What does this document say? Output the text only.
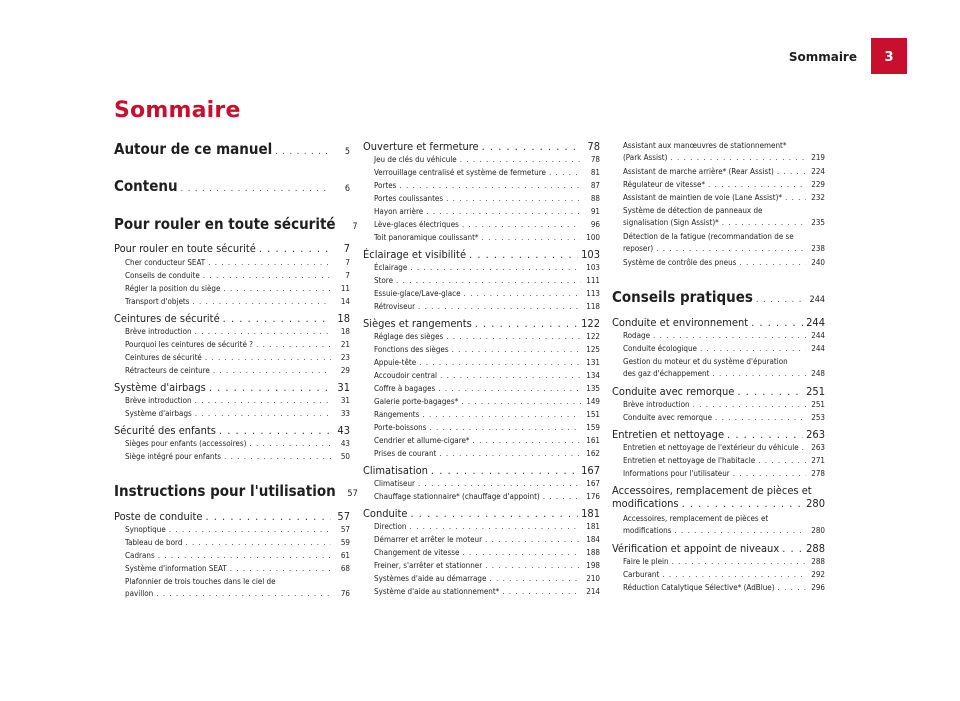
Sommaire	3
Sommaire
Autour de ce manuel . . .	5
Contenu . . .	6
Pour rouler en toute sécurité	7
Pour rouler en toute sécurité . . .	7
Cher conducteur SEAT . . .	7
Conseils de conduite . . .	7
Régler la position du siège . . .	11
Transport d'objets . . .	14
Ceintures de sécurité . . .	18
Brève introduction . . .	18
Pourquoi les ceintures de sécurité ? . . .	21
Ceintures de sécurité . . .	23
Rétracteurs de ceinture . . .	29
Système d'airbags . . .	31
Brève introduction . . .	31
Système d'airbags . . .	33
Sécurité des enfants . . .	43
Sièges pour enfants (accessoires) . . .	43
Siège intégré pour enfants . . .	50
Instructions pour l'utilisation	57
Poste de conduite . . .	57
Synoptique . . .	57
Tableau de bord . . .	59
Cadrans . . .	61
Système d'information SEAT . . .	68
Plafonnier de trois touches dans le ciel de
pavillon . . .	76
Ouverture et fermeture . . .	78
Jeu de clés du véhicule . . .	78
Verrouillage centralisé et système de fermeture . . .	81
Portes . . .	87
Portes coulissantes . . .	88
Hayon arrière . . .	91
Lève-glaces électriques . . .	96
Toit panoramique coulissant* . . .	100
Éclairage et visibilité . . .	103
Éclairage . . .	103
Store . . .	111
Essuie-glace/Lave-glace . . .	113
Rétroviseur . . .	118
Sièges et rangements . . .	122
Réglage des sièges . . .	122
Fonctions des sièges . . .	125
Appuie-tête . . .	131
Accoudoir central . . .	134
Coffre à bagages . . .	135
Galerie porte-bagages* . . .	149
Rangements . . .	151
Porte-boissons . . .	159
Cendrier et allume-cigare* . . .	161
Prises de courant . . .	162
Climatisation . . .	167
Climatiseur . . .	167
Chauffage stationnaire* (chauffage d'appoint) . . .	176
Conduite . . .	181
Direction . . .	181
Démarrer et arrêter le moteur . . .	184
Changement de vitesse . . .	188
Freiner, s'arrêter et stationner . . .	198
Systèmes d'aide au démarrage . . .	210
Système d'aide au stationnement* . . .	214
Assistant aux manœuvres de stationnement*
(Park Assist) . . .	219
Assistant de marche arrière* (Rear Assist) . . .	224
Régulateur de vitesse* . . .	229
Assistant de maintien de voie (Lane Assist)* . . .	232
Système de détection de panneaux de
signalisation (Sign Assist)* . . .	235
Détection de la fatigue (recommandation de se
reposer) . . .	238
Système de contrôle des pneus . . .	240
Conseils pratiques . . .	244
Conduite et environnement . . .	244
Rodage . . .	244
Conduite écologique . . .	244
Gestion du moteur et du système d'épuration
des gaz d'échappement . . .	248
Conduite avec remorque . . .	251
Brève introduction . . .	251
Conduite avec remorque . . .	253
Entretien et nettoyage . . .	263
Entretien et nettoyage de l'extérieur du véhicule . . . 263
Entretien et nettoyage de l'habitacle . . .	271
Informations pour l'utilisateur . . .	278
Accessoires, remplacement de pièces et
modifications . . .	280
Accessoires, remplacement de pièces et
modifications . . .	280
Vérification et appoint de niveaux . . . 288
Faire le plein . . .	288
Carburant . . .	292
Réduction Catalytique Sélective* (AdBlue) . . .	296
